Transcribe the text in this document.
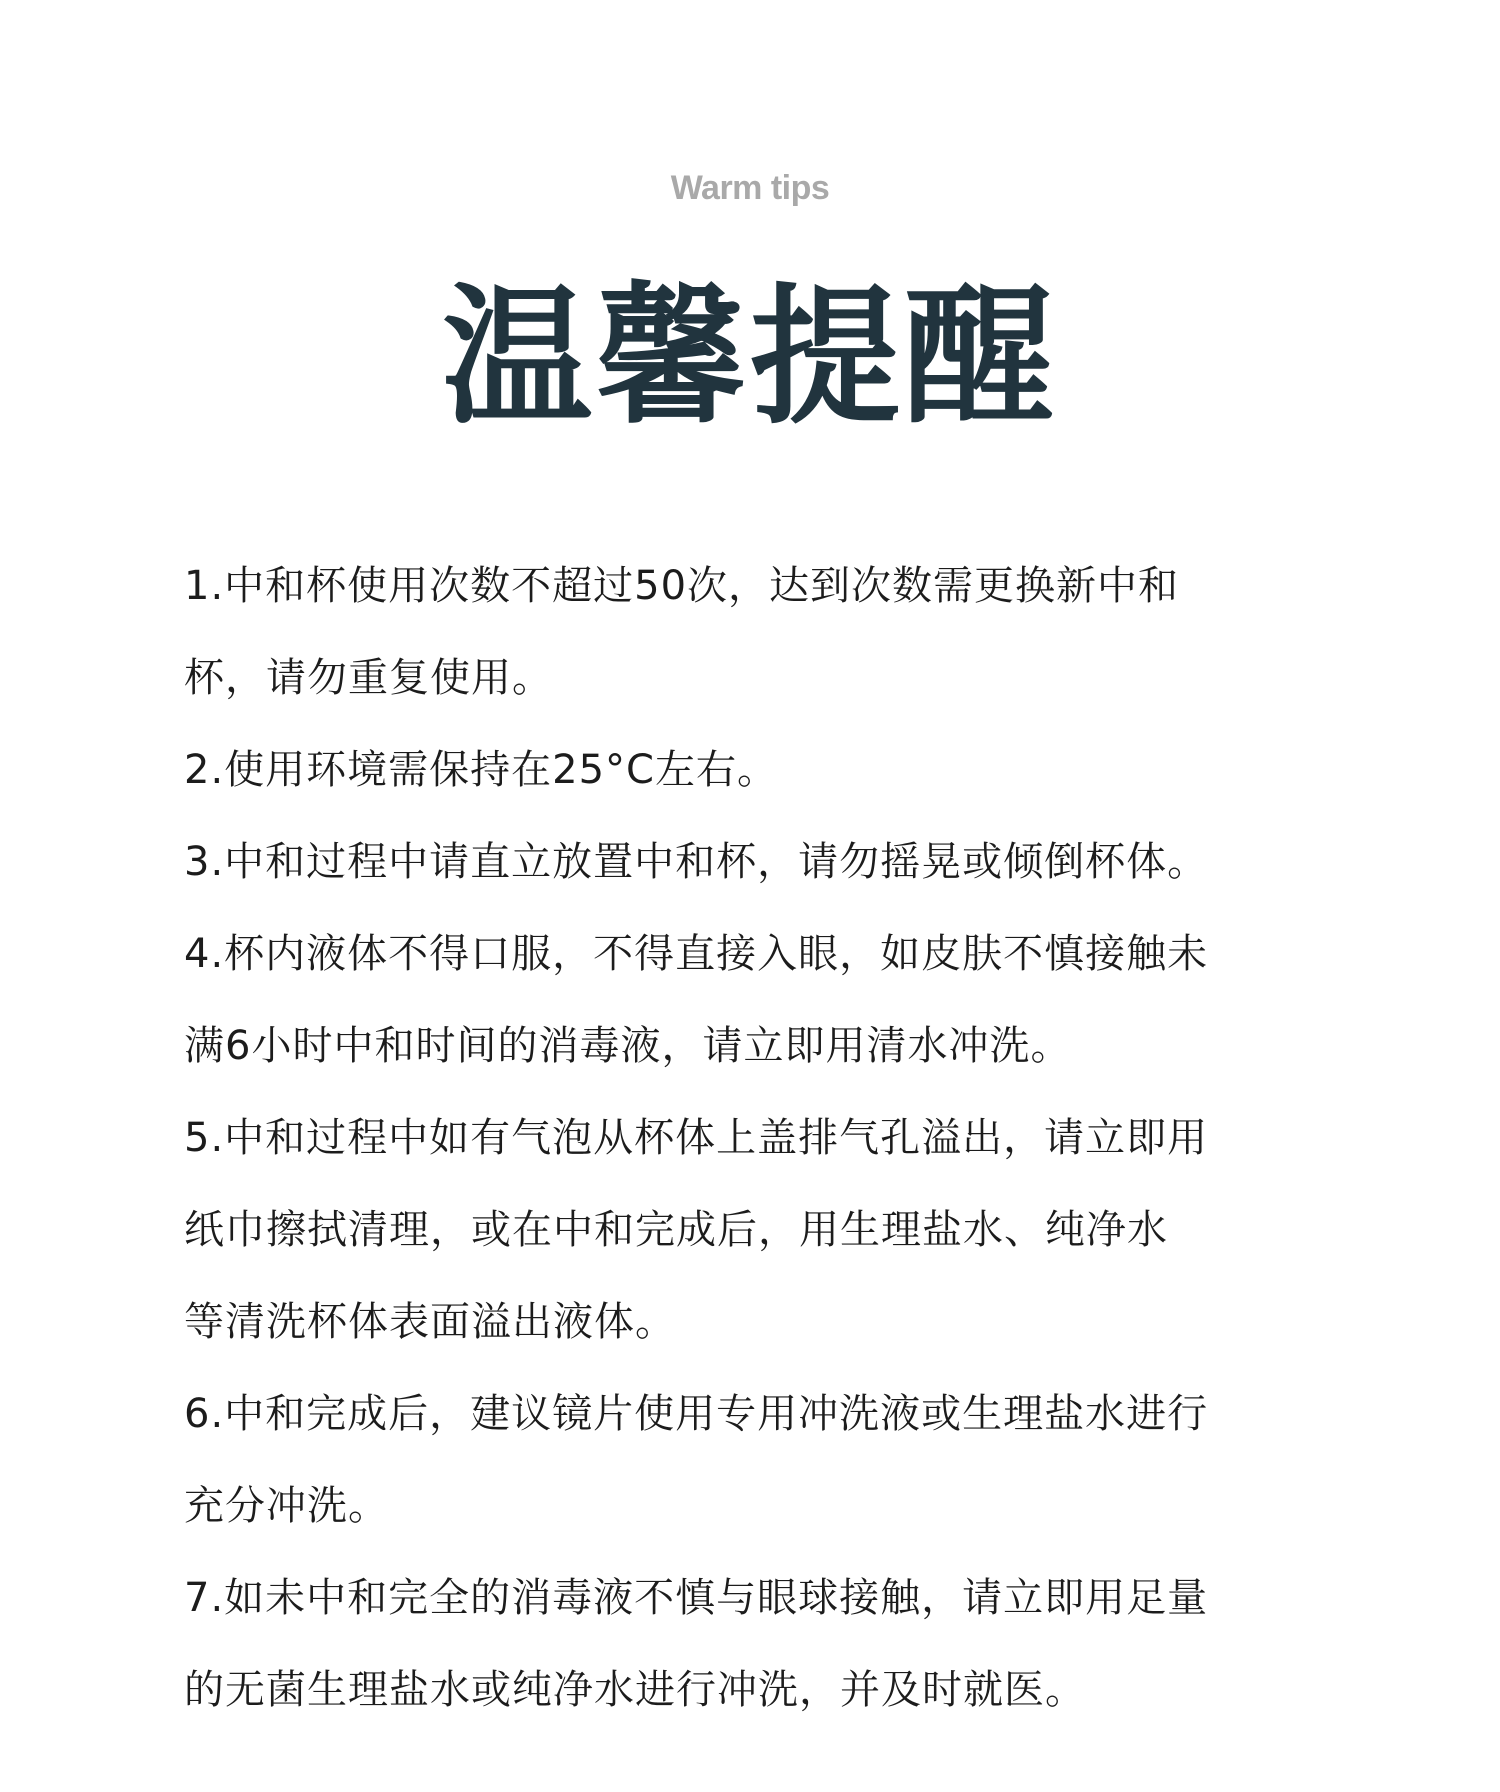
Warm tips
温馨提醒
1.中和杯使用次数不超过50次，达到次数需更换新中和
杯，请勿重复使用。
2.使用环境需保持在25°C左右。
3.中和过程中请直立放置中和杯，请勿摇晃或倾倒杯体。
4.杯内液体不得口服，不得直接入眼，如皮肤不慎接触未
满6小时中和时间的消毒液，请立即用清水冲洗。
5.中和过程中如有气泡从杯体上盖排气孔溢出，请立即用
纸巾擦拭清理，或在中和完成后，用生理盐水、纯净水
等清洗杯体表面溢出液体。
6.中和完成后，建议镜片使用专用冲洗液或生理盐水进行
充分冲洗。
7.如未中和完全的消毒液不慎与眼球接触，请立即用足量
的无菌生理盐水或纯净水进行冲洗，并及时就医。
